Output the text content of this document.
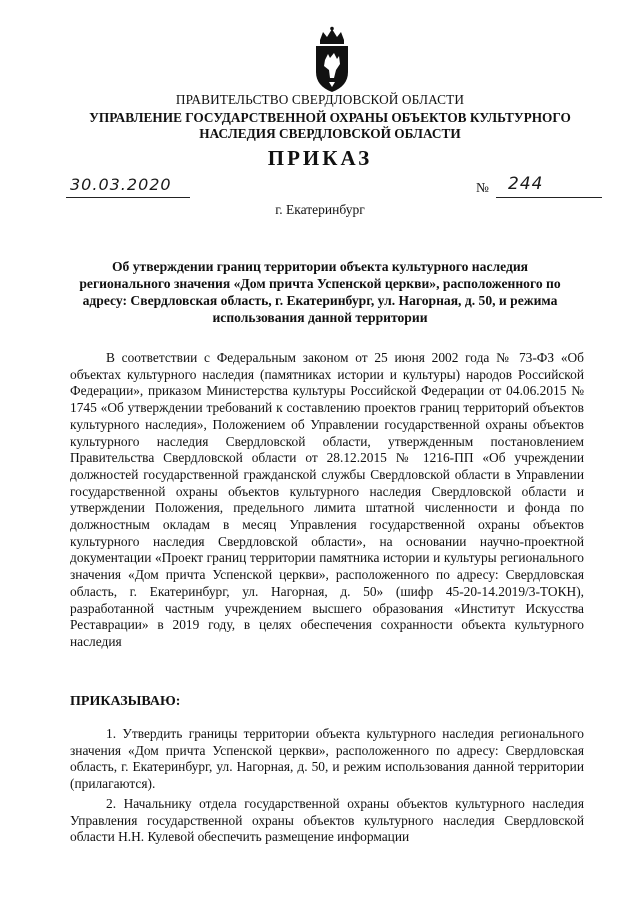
ПРАВИТЕЛЬСТВО СВЕРДЛОВСКОЙ ОБЛАСТИ
УПРАВЛЕНИЕ ГОСУДАРСТВЕННОЙ ОХРАНЫ ОБЪЕКТОВ КУЛЬТУРНОГО НАСЛЕДИЯ СВЕРДЛОВСКОЙ ОБЛАСТИ
ПРИКАЗ
30.03.2020	№ 244
г. Екатеринбург
Об утверждении границ территории объекта культурного наследия регионального значения «Дом причта Успенской церкви», расположенного по адресу: Свердловская область, г. Екатеринбург, ул. Нагорная, д. 50, и режима использования данной территории

В соответствии с Федеральным законом от 25 июня 2002 года № 73-ФЗ «Об объектах культурного наследия (памятниках истории и культуры) народов Российской Федерации», приказом Министерства культуры Российской Федерации от 04.06.2015 № 1745 «Об утверждении требований к составлению проектов границ территорий объектов культурного наследия», Положением об Управлении государственной охраны объектов культурного наследия Свердловской области, утвержденным постановлением Правительства Свердловской области от 28.12.2015 № 1216-ПП «Об учреждении должностей государственной гражданской службы Свердловской области в Управлении государственной охраны объектов культурного наследия Свердловской области и утверждении Положения, предельного лимита штатной численности и фонда по должностным окладам в месяц Управления государственной охраны объектов культурного наследия Свердловской области», на основании научно-проектной документации «Проект границ территории памятника истории и культуры регионального значения «Дом причта Успенской церкви», расположенного по адресу: Свердловская область, г. Екатеринбург, ул. Нагорная, д. 50» (шифр 45-20-14.2019/3-ТОКН), разработанной частным учреждением высшего образования «Институт Искусства Реставрации» в 2019 году, в целях обеспечения сохранности объекта культурного наследия

ПРИКАЗЫВАЮ:

1. Утвердить границы территории объекта культурного наследия регионального значения «Дом причта Успенской церкви», расположенного по адресу: Свердловская область, г. Екатеринбург, ул. Нагорная, д. 50, и режим использования данной территории (прилагаются).

2. Начальнику отдела государственной охраны объектов культурного наследия Управления государственной охраны объектов культурного наследия Свердловской области Н.Н. Кулевой обеспечить размещение информации
